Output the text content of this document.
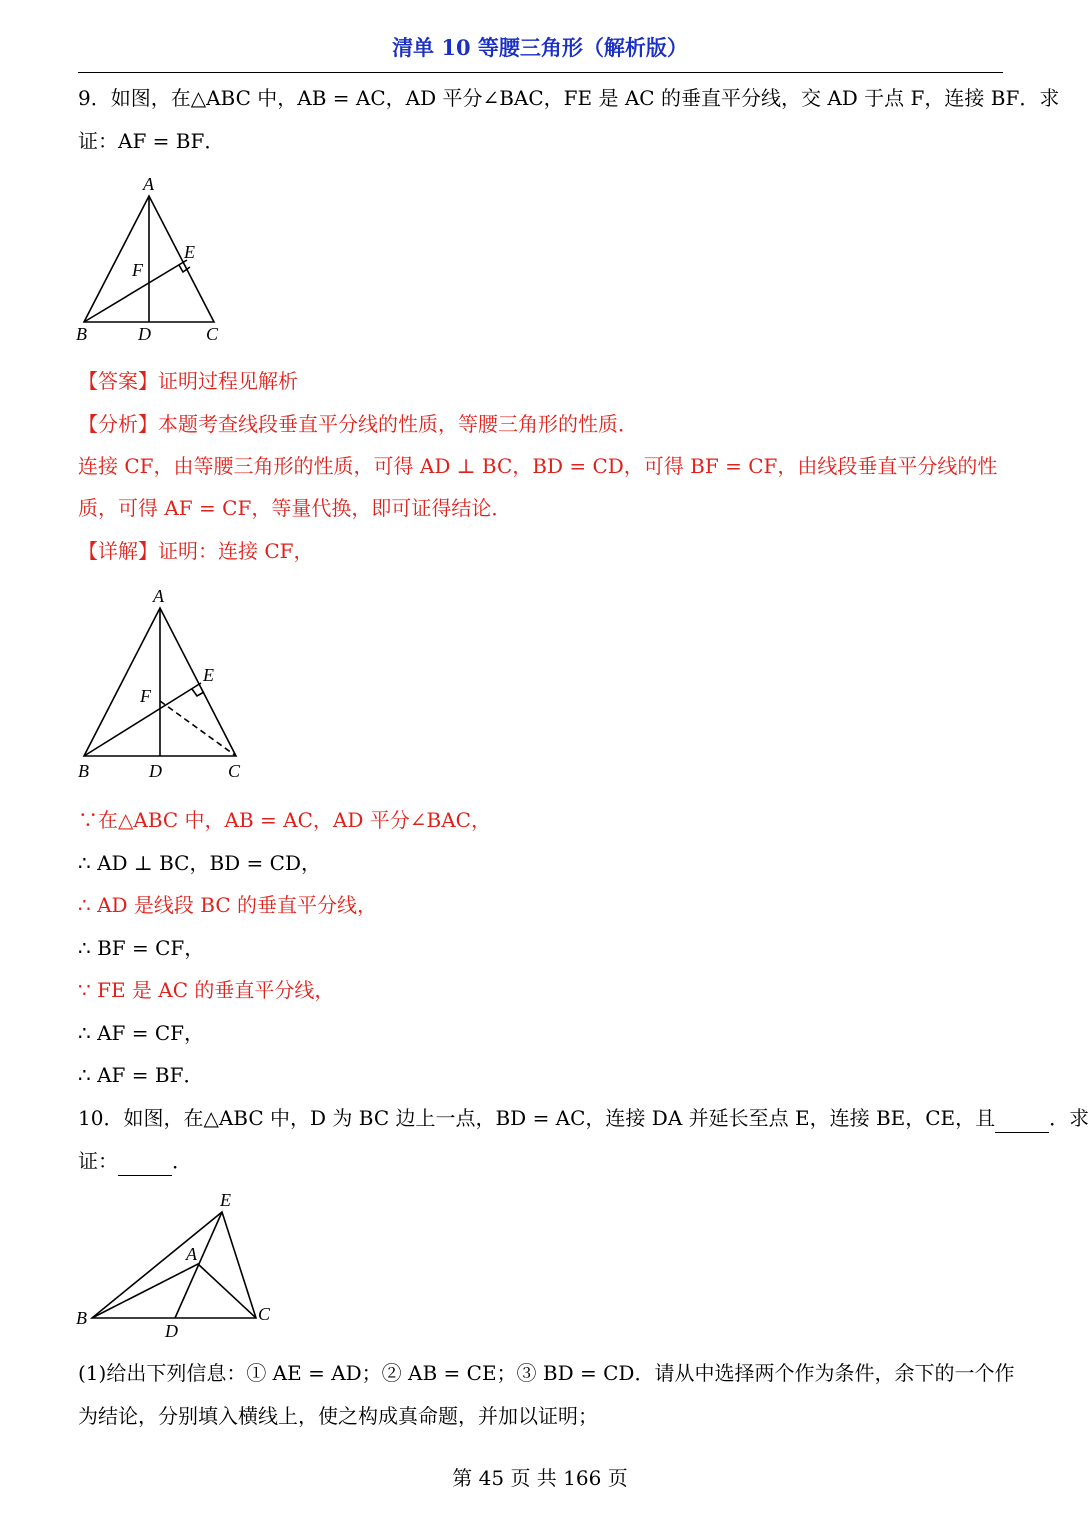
清单 10 等腰三角形（解析版）
9．如图，在△ABC 中，AB = AC，AD 平分∠BAC，FE 是 AC 的垂直平分线，交 AD 于点 F，连接 BF．求
证：AF = BF．
A
B	C
D
E
F
【答案】证明过程见解析
【分析】本题考查线段垂直平分线的性质，等腰三角形的性质．
连接 CF，由等腰三角形的性质，可得 AD ⊥ BC，BD = CD，可得 BF = CF，由线段垂直平分线的性
质，可得 AF = CF，等量代换，即可证得结论．
【详解】证明：连接 CF，
A
B	C
D
E
F
∵在△ABC 中，AB = AC，AD 平分∠BAC，
∴ AD ⊥ BC，BD = CD，
∴ AD 是线段 BC 的垂直平分线，
∴ BF = CF，
∵ FE 是 AC 的垂直平分线，
∴ AF = CF，
∴ AF = BF．
10．如图，在△ABC 中，D 为 BC 边上一点，BD = AC，连接 DA 并延长至点 E，连接 BE，CE，且	．求
证：	．
E
A
B	C
D
(1)给出下列信息：① AE = AD；② AB = CE；③ BD = CD．请从中选择两个作为条件，余下的一个作
为结论，分别填入横线上，使之构成真命题，并加以证明；
第 45 页 共 166 页
